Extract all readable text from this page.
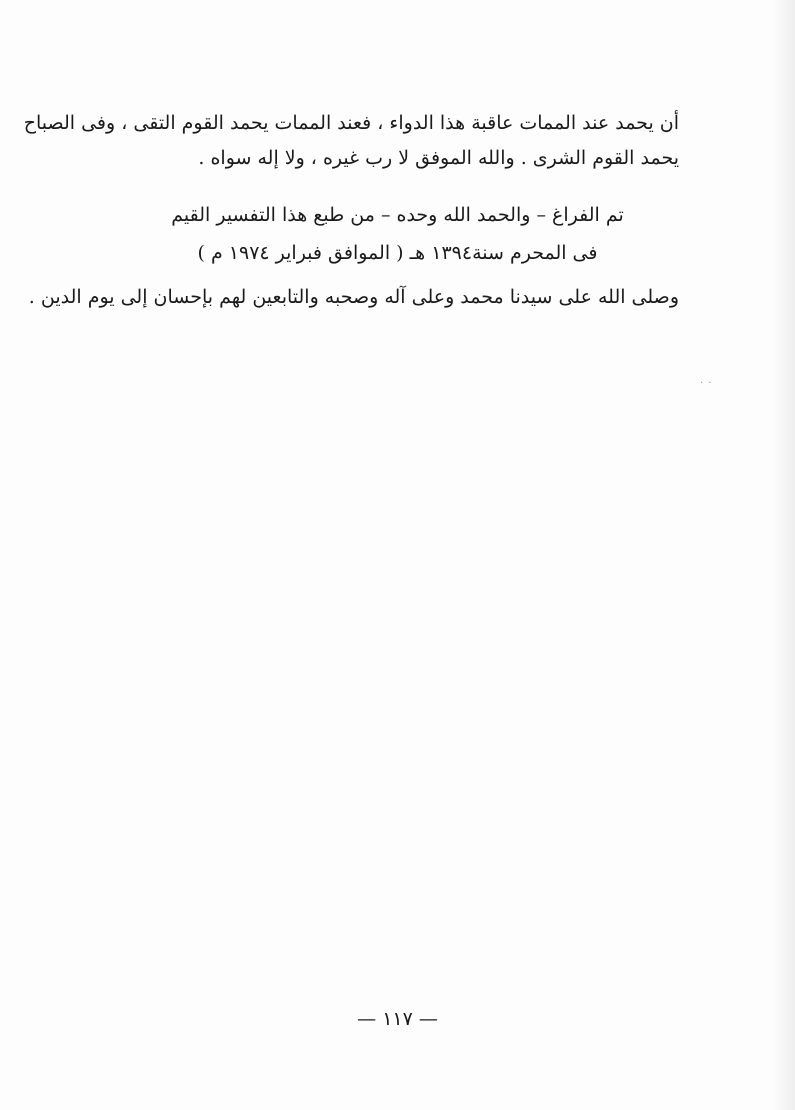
أن يحمد عند الممات عاقبة هذا الدواء ، فعند الممات يحمد القوم التقى ، وفى الصباح
يحمد القوم الشرى . والله الموفق لا رب غيره ، ولا إله سواه .
تم الفراغ – والحمد الله وحده – من طبع هذا التفسير القيم
فى المحرم سنة١٣٩٤ هـ ( الموافق فبراير ١٩٧٤ م )
وصلى الله على سيدنا محمد وعلى آله وصحبه والتابعين لهم بإحسان إلى يوم الدين .
· ·
— ١١٧ —
